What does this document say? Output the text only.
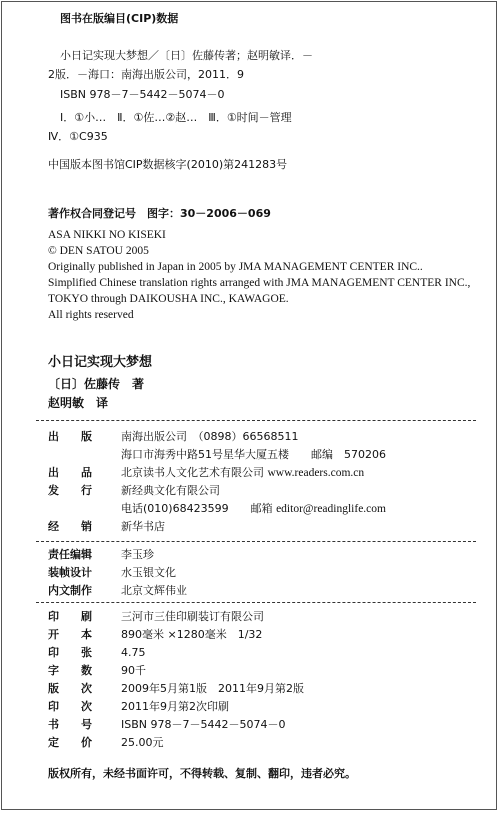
图书在版编目(CIP)数据
小日记实现大梦想／〔日〕佐藤传著；赵明敏译．－
2版．－海口：南海出版公司，2011．9
ISBN 978－7－5442－5074－0
Ⅰ．①小…　Ⅱ．①佐…②赵…　Ⅲ．①时间－管理
Ⅳ．①C935
中国版本图书馆CIP数据核字(2010)第241283号
著作权合同登记号　图字：30－2006－069
ASA NIKKI NO KISEKI
© DEN SATOU 2005
Originally published in Japan in 2005 by JMA MANAGEMENT CENTER INC..
Simplified Chinese translation rights arranged with JMA MANAGEMENT CENTER INC.,
TOKYO through DAIKOUSHA INC., KAWAGOE.
All rights reserved
小日记实现大梦想
〔日〕佐藤传　著
赵明敏　译
出　　版	南海出版公司　（0898）66568511
海口市海秀中路51号星华大厦五楼　　邮编　570206
出　　品	北京读书人文化艺术有限公司 www.readers.com.cn
发　　行	新经典文化有限公司
电话(010)68423599　　邮箱 editor@readinglife.com
经　　销	新华书店
责任编辑	李玉珍
装帧设计	水玉银文化
内文制作	北京文辉伟业
印　　刷	三河市三佳印刷装订有限公司
开　　本	890毫米 ×1280毫米　1/32
印　　张	4.75
字　　数	90千
版　　次	2009年5月第1版　2011年9月第2版
印　　次	2011年9月第2次印刷
书　　号	ISBN 978－7－5442－5074－0
定　　价	25.00元
版权所有，未经书面许可，不得转载、复制、翻印，违者必究。
